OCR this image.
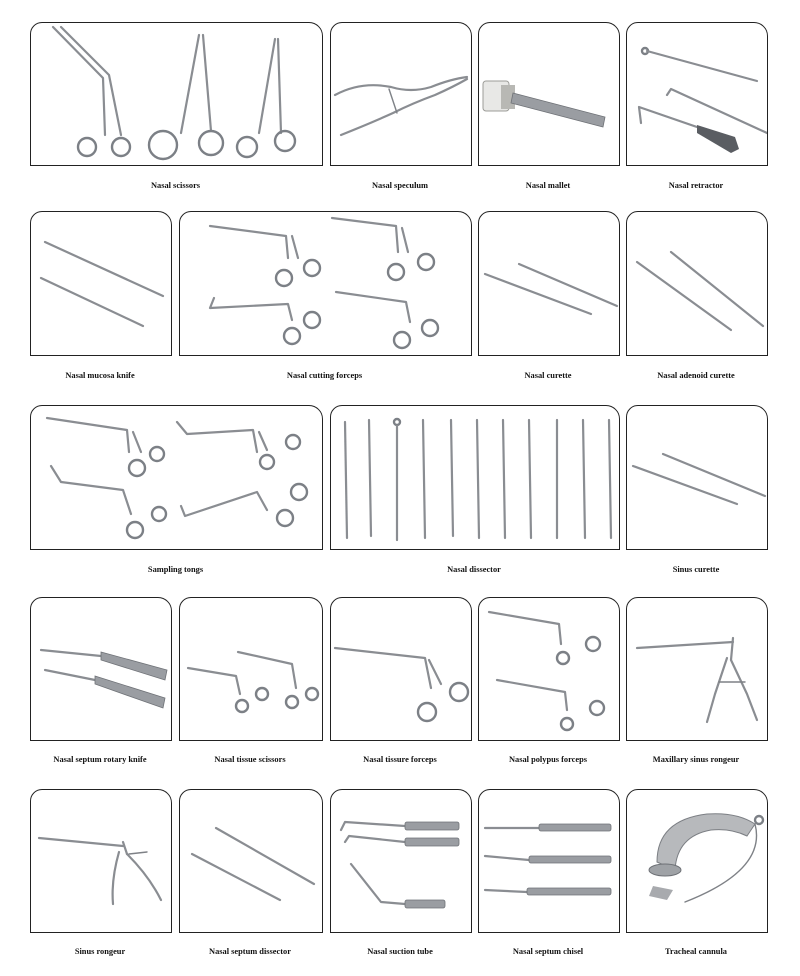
Nasal scissors	Nasal speculum	Nasal mallet	Nasal retractor
Nasal mucosa knife	Nasal cutting forceps	Nasal curette	Nasal adenoid curette
Sampling tongs	Nasal dissector	Sinus curette
Nasal septum rotary knife	Nasal tissue scissors	Nasal tissure forceps	Nasal polypus forceps	Maxillary sinus rongeur
Sinus rongeur	Nasal septum dissector	Nasal suction tube	Nasal septum chisel	Tracheal cannula
